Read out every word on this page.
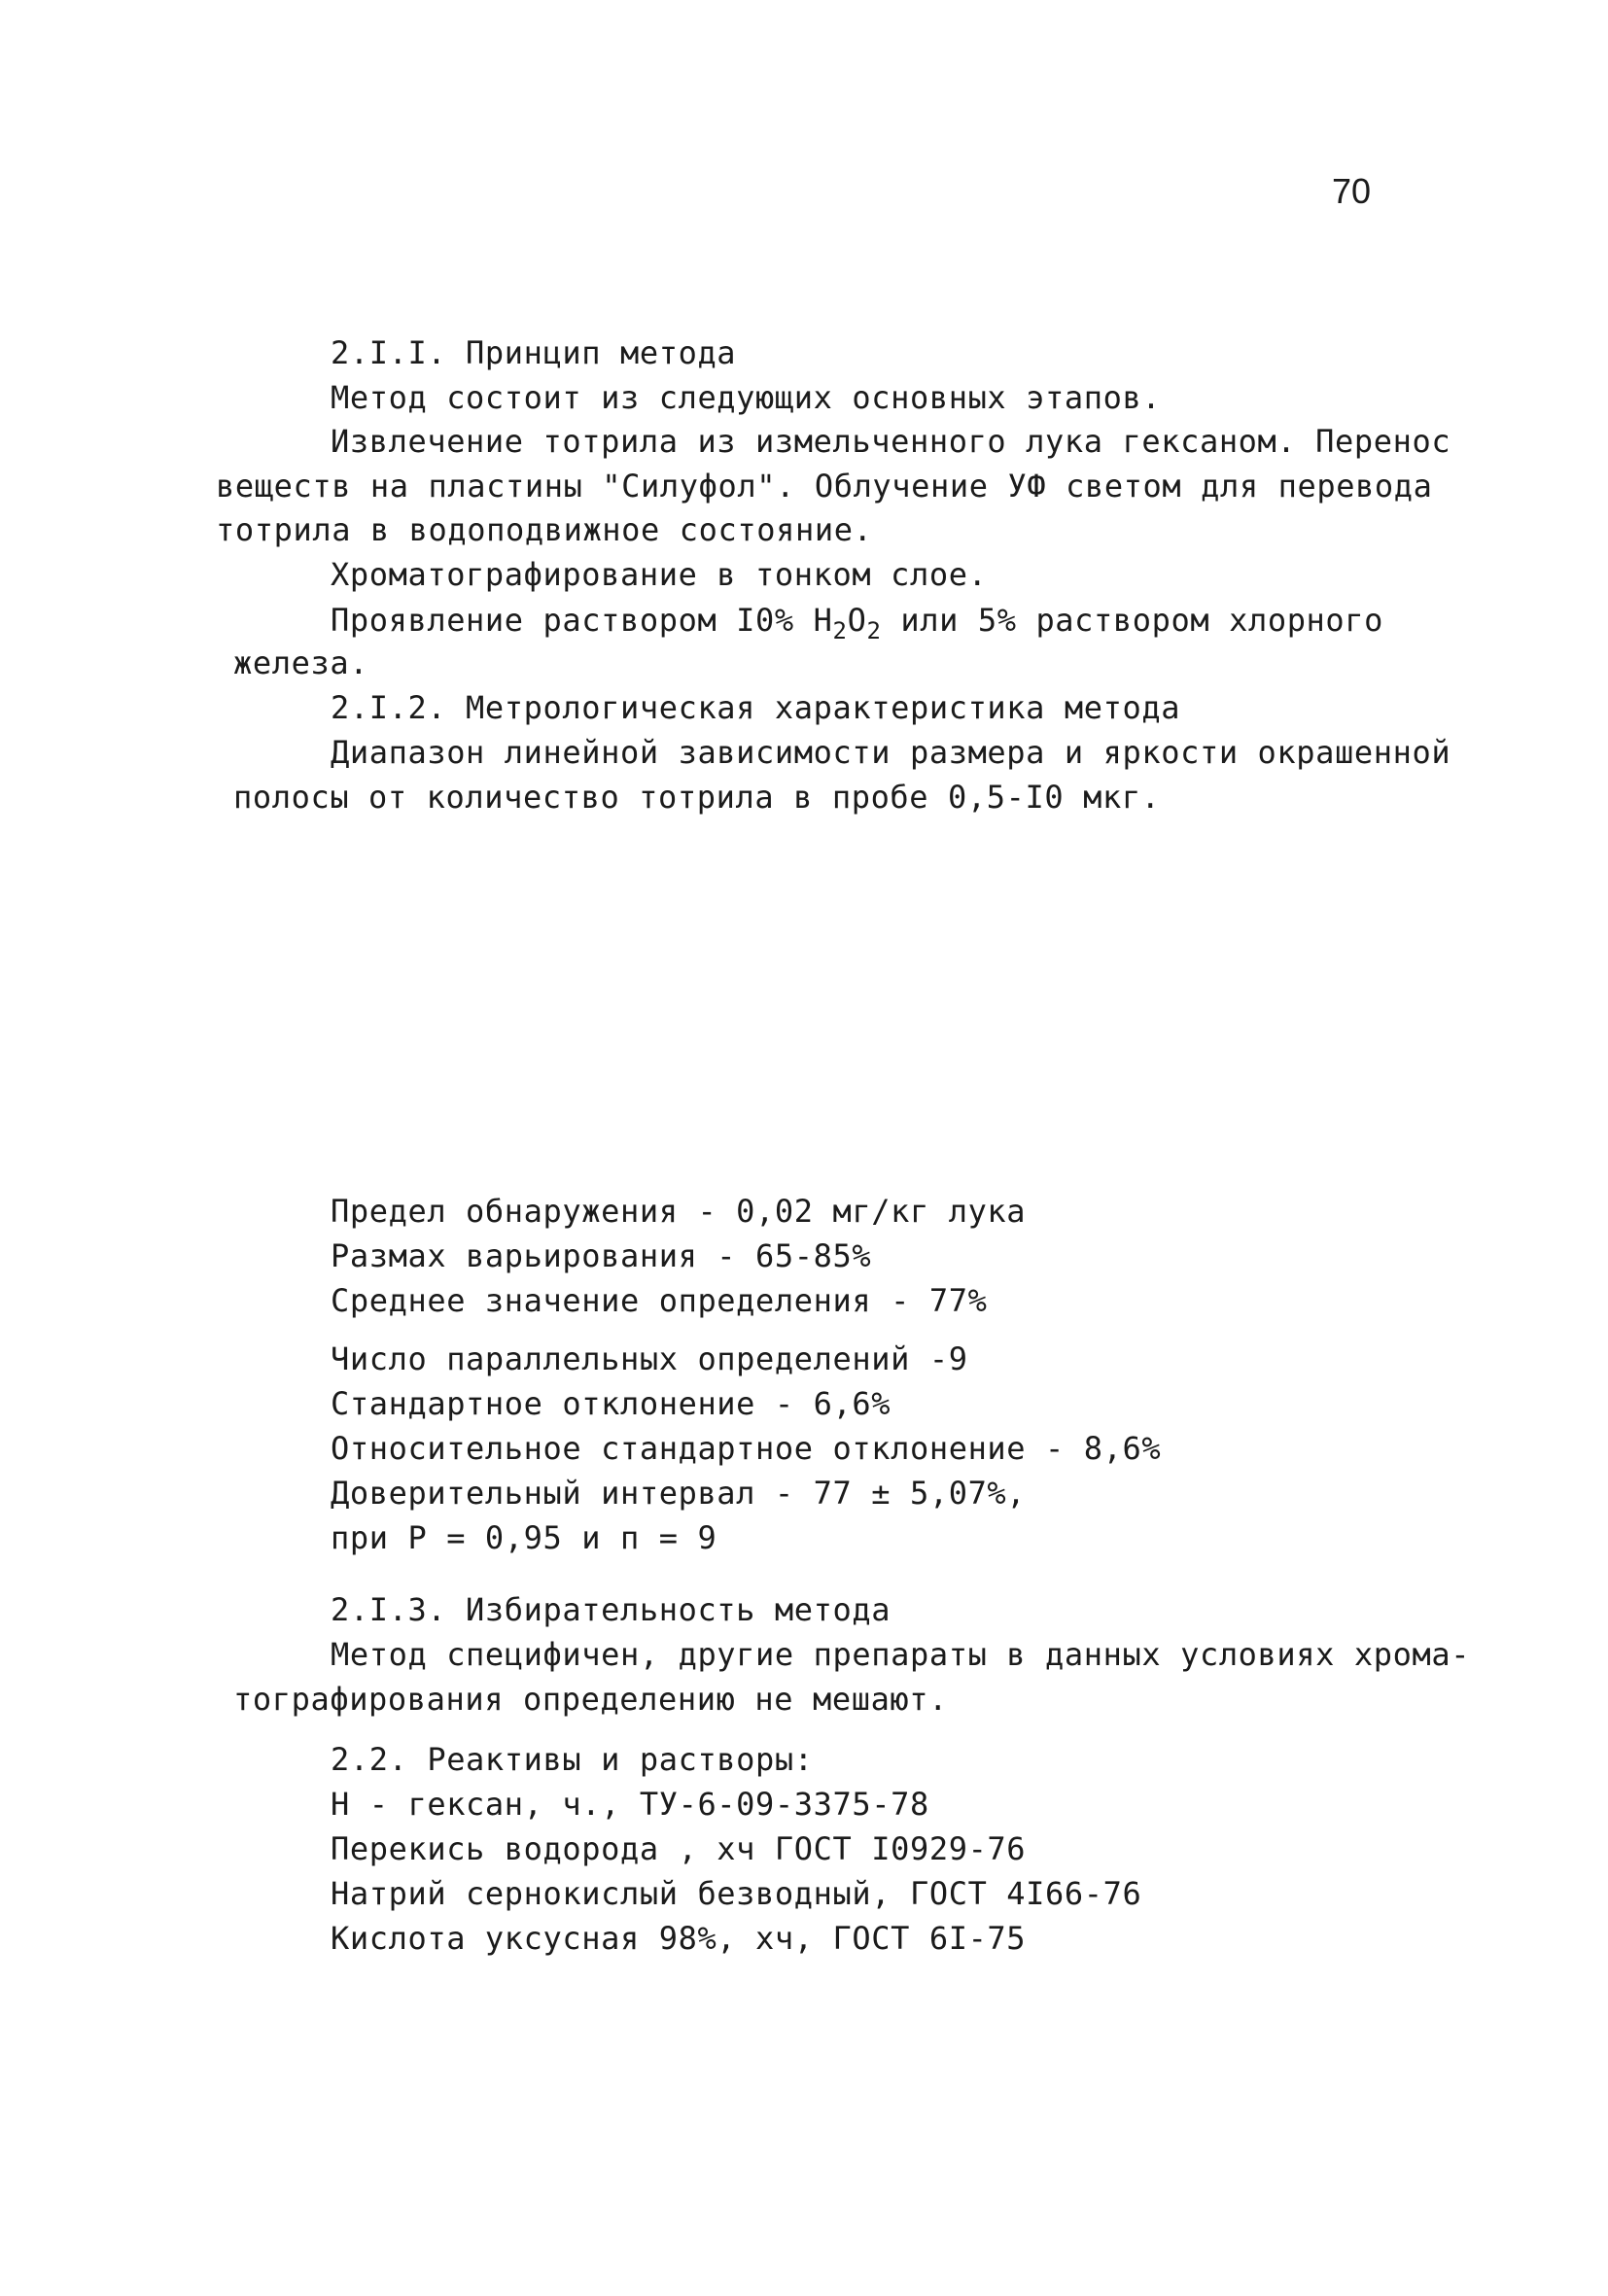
70
2.I.I. Принцип метода
Метод состоит из следующих основных этапов.
Извлечение тотрила из измельченного лука гексаном. Перенос
веществ на пластины "Силуфол". Облучение УФ светом для перевода
тотрила в водоподвижное состояние.
Хроматографирование в тонком слое.
Проявление раствором I0% $H_2O_2$ или 5% раствором хлорного
железа.
2.I.2. Метрологическая характеристика метода
Диапазон линейной зависимости размера и яркости окрашенной
полосы от количество тотрила в пробе 0,5-I0 мкг.
Предел обнаружения - 0,02 мг/кг лука
Размах варьирования - 65-85%
Среднее значение определения - 77%
Число параллельных определений -9
Стандартное отклонение - 6,6%
Относительное стандартное отклонение - 8,6%
Доверительный интервал - 77 ± 5,07%,
при Р = 0,95 и п = 9
2.I.3. Избирательность метода
Метод специфичен, другие препараты в данных условиях хрома-
тографирования определению не мешают.
2.2. Реактивы и растворы:
Н - гексан, ч., ТУ-6-09-3375-78
Перекись водорода , хч ГОСТ I0929-76
Натрий сернокислый безводный, ГОСТ 4I66-76
Кислота уксусная 98%, хч, ГОСТ 6I-75
